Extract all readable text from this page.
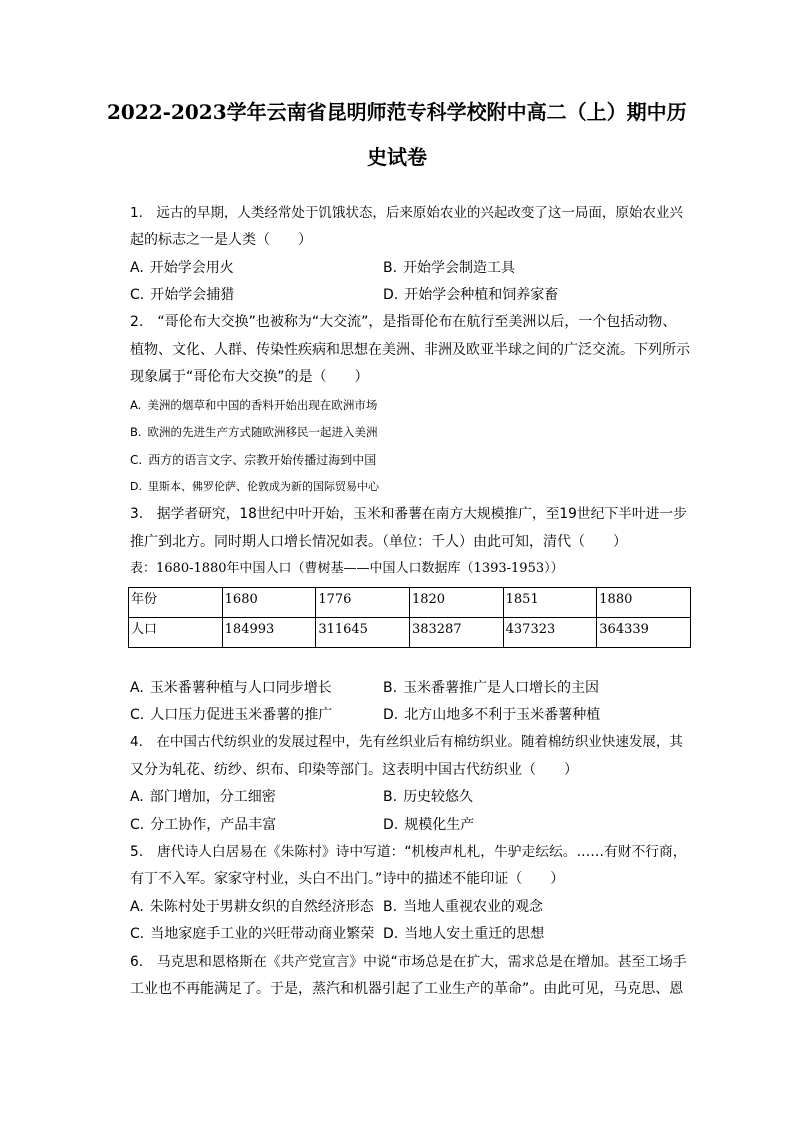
2022-2023学年云南省昆明师范专科学校附中高二（上）期中历
史试卷
1.　远古的早期，人类经常处于饥饿状态，后来原始农业的兴起改变了这一局面，原始农业兴
起的标志之一是人类（　　）
A. 开始学会用火	B. 开始学会制造工具
C. 开始学会捕猎	D. 开始学会种植和饲养家畜
2.　“哥伦布大交换”也被称为“大交流”，是指哥伦布在航行至美洲以后，一个包括动物、
植物、文化、人群、传染性疾病和思想在美洲、非洲及欧亚半球之间的广泛交流。下列所示
现象属于“哥伦布大交换”的是（　　）
A. 美洲的烟草和中国的香料开始出现在欧洲市场
B. 欧洲的先进生产方式随欧洲移民一起进入美洲
C. 西方的语言文字、宗教开始传播过海到中国
D. 里斯本、佛罗伦萨、伦敦成为新的国际贸易中心
3.　据学者研究，18世纪中叶开始，玉米和番薯在南方大规模推广，至19世纪下半叶进一步
推广到北方。同时期人口增长情况如表。（单位：千人）由此可知，清代（　　）
表：1680-1880年中国人口（曹树基——中国人口数据库（1393-1953））
年份	1680	1776	1820	1851	1880
人口	184993	311645	383287	437323	364339
A. 玉米番薯种植与人口同步增长	B. 玉米番薯推广是人口增长的主因
C. 人口压力促进玉米番薯的推广	D. 北方山地多不利于玉米番薯种植
4.　在中国古代纺织业的发展过程中，先有丝织业后有棉纺织业。随着棉纺织业快速发展，其
又分为轧花、纺纱、织布、印染等部门。这表明中国古代纺织业（　　）
A. 部门增加，分工细密	B. 历史较悠久
C. 分工协作，产品丰富	D. 规模化生产
5.　唐代诗人白居易在《朱陈村》诗中写道：“机梭声札札，牛驴走纭纭。……有财不行商，
有丁不入军。家家守村业，头白不出门。”诗中的描述不能印证（　　）
A. 朱陈村处于男耕女织的自然经济形态 B. 当地人重视农业的观念
C. 当地家庭手工业的兴旺带动商业繁荣 D. 当地人安土重迁的思想
6.　马克思和恩格斯在《共产党宣言》中说“市场总是在扩大，需求总是在增加。甚至工场手
工业也不再能满足了。于是，蒸汽和机器引起了工业生产的革命”。由此可见，马克思、恩
